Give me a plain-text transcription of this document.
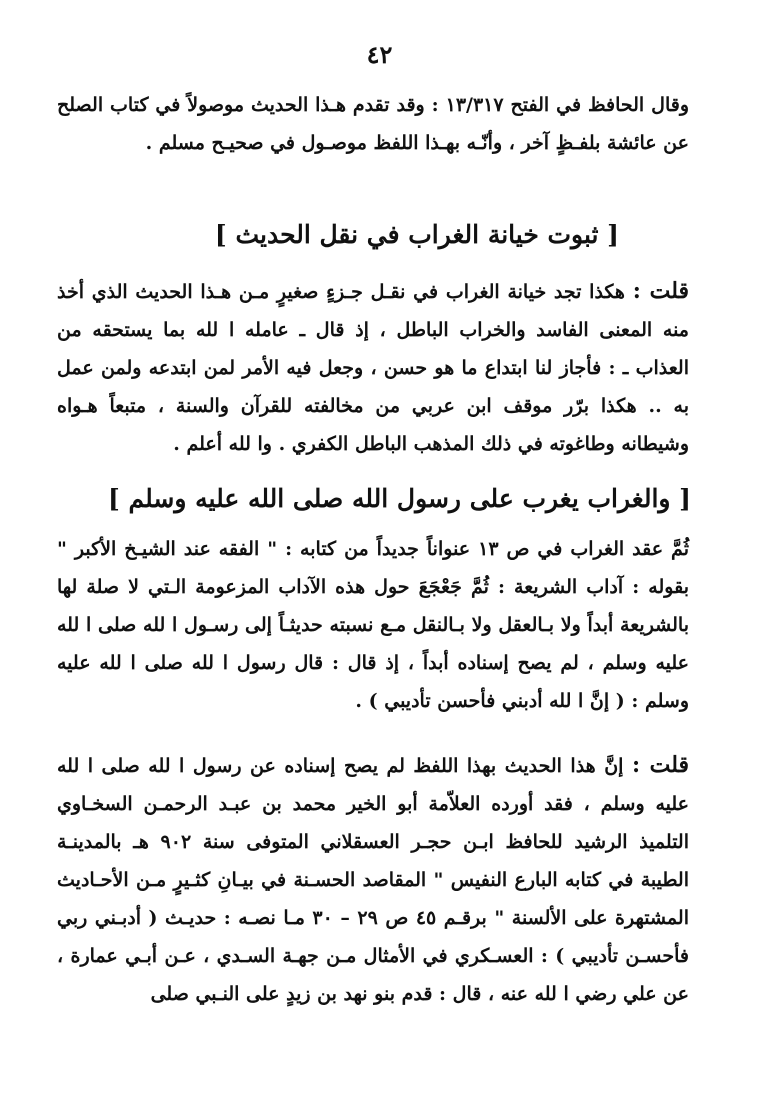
٤٢
وقال الحافظ في الفتح ١٣/٣١٧ : وقد تقدم هـذا الحديث موصولاً في كتاب الصلح عن عائشة بلفـظٍ آخر ، وأنّـه بهـذا اللفظ موصـول في صحيـح مسلم .
[ ثبوت خيانة الغراب في نقل الحديث ]
قلت : هكذا تجد خيانة الغراب في نقـل جـزءٍ صغيرٍ مـن هـذا الحديث الذي أخذ منه المعنى الفاسد والخراب الباطل ، إذ قال ـ عامله ا لله بما يستحقه من العذاب ـ : فأجاز لنا ابتداع ما هو حسن ، وجعل فيه الأمر لمن ابتدعه ولمن عمل به .. هكذا برّر موقف ابن عربي من مخالفته للقرآن والسنة ، متبعاً هـواه وشيطانه وطاغوته في ذلك المذهب الباطل الكفري . وا لله أعلم .
[ والغراب يغرب على رسول الله صلى الله عليه وسلم ]
ثُمَّ عقد الغراب في ص ١٣ عنواناً جديداً من كتابه : " الفقه عند الشيـخ الأكبر " بقوله : آداب الشريعة : ثُمَّ جَعْجَعَ حول هذه الآداب المزعومة الـتي لا صلة لها بالشريعة أبداً ولا بـالعقل ولا بـالنقل مـع نسبته حديثـاً إلى رسـول ا لله صلى ا لله عليه وسلم ، لم يصح إسناده أبداً ، إذ قال : قال رسول ا لله صلى ا لله عليه وسلم : ( إنَّ ا لله أدبني فأحسن تأديبي ) .
قلت : إنَّ هذا الحديث بهذا اللفظ لم يصح إسناده عن رسول ا لله صلى ا لله عليه وسلم ، فقد أورده العلاّمة أبو الخير محمد بن عبـد الرحمـن السخـاوي التلميذ الرشيد للحافظ ابـن حجـر العسقلاني المتوفى سنة ٩٠٢ هـ بالمدينـة الطيبة في كتابه البارع النفيس " المقاصد الحسـنة في بيـانِ كثـيرٍ مـن الأحـاديث المشتهرة على الألسنة " برقـم ٤٥ ص ٢٩ – ٣٠ مـا نصـه : حديـث ( أدبـني ربي فأحسـن تأديبي ) : العسـكري في الأمثال مـن جهـة السـدي ، عـن أبـي عمارة ، عن علي رضي ا لله عنه ، قال : قدم بنو نهد بن زيدٍ على النـبي صلى
